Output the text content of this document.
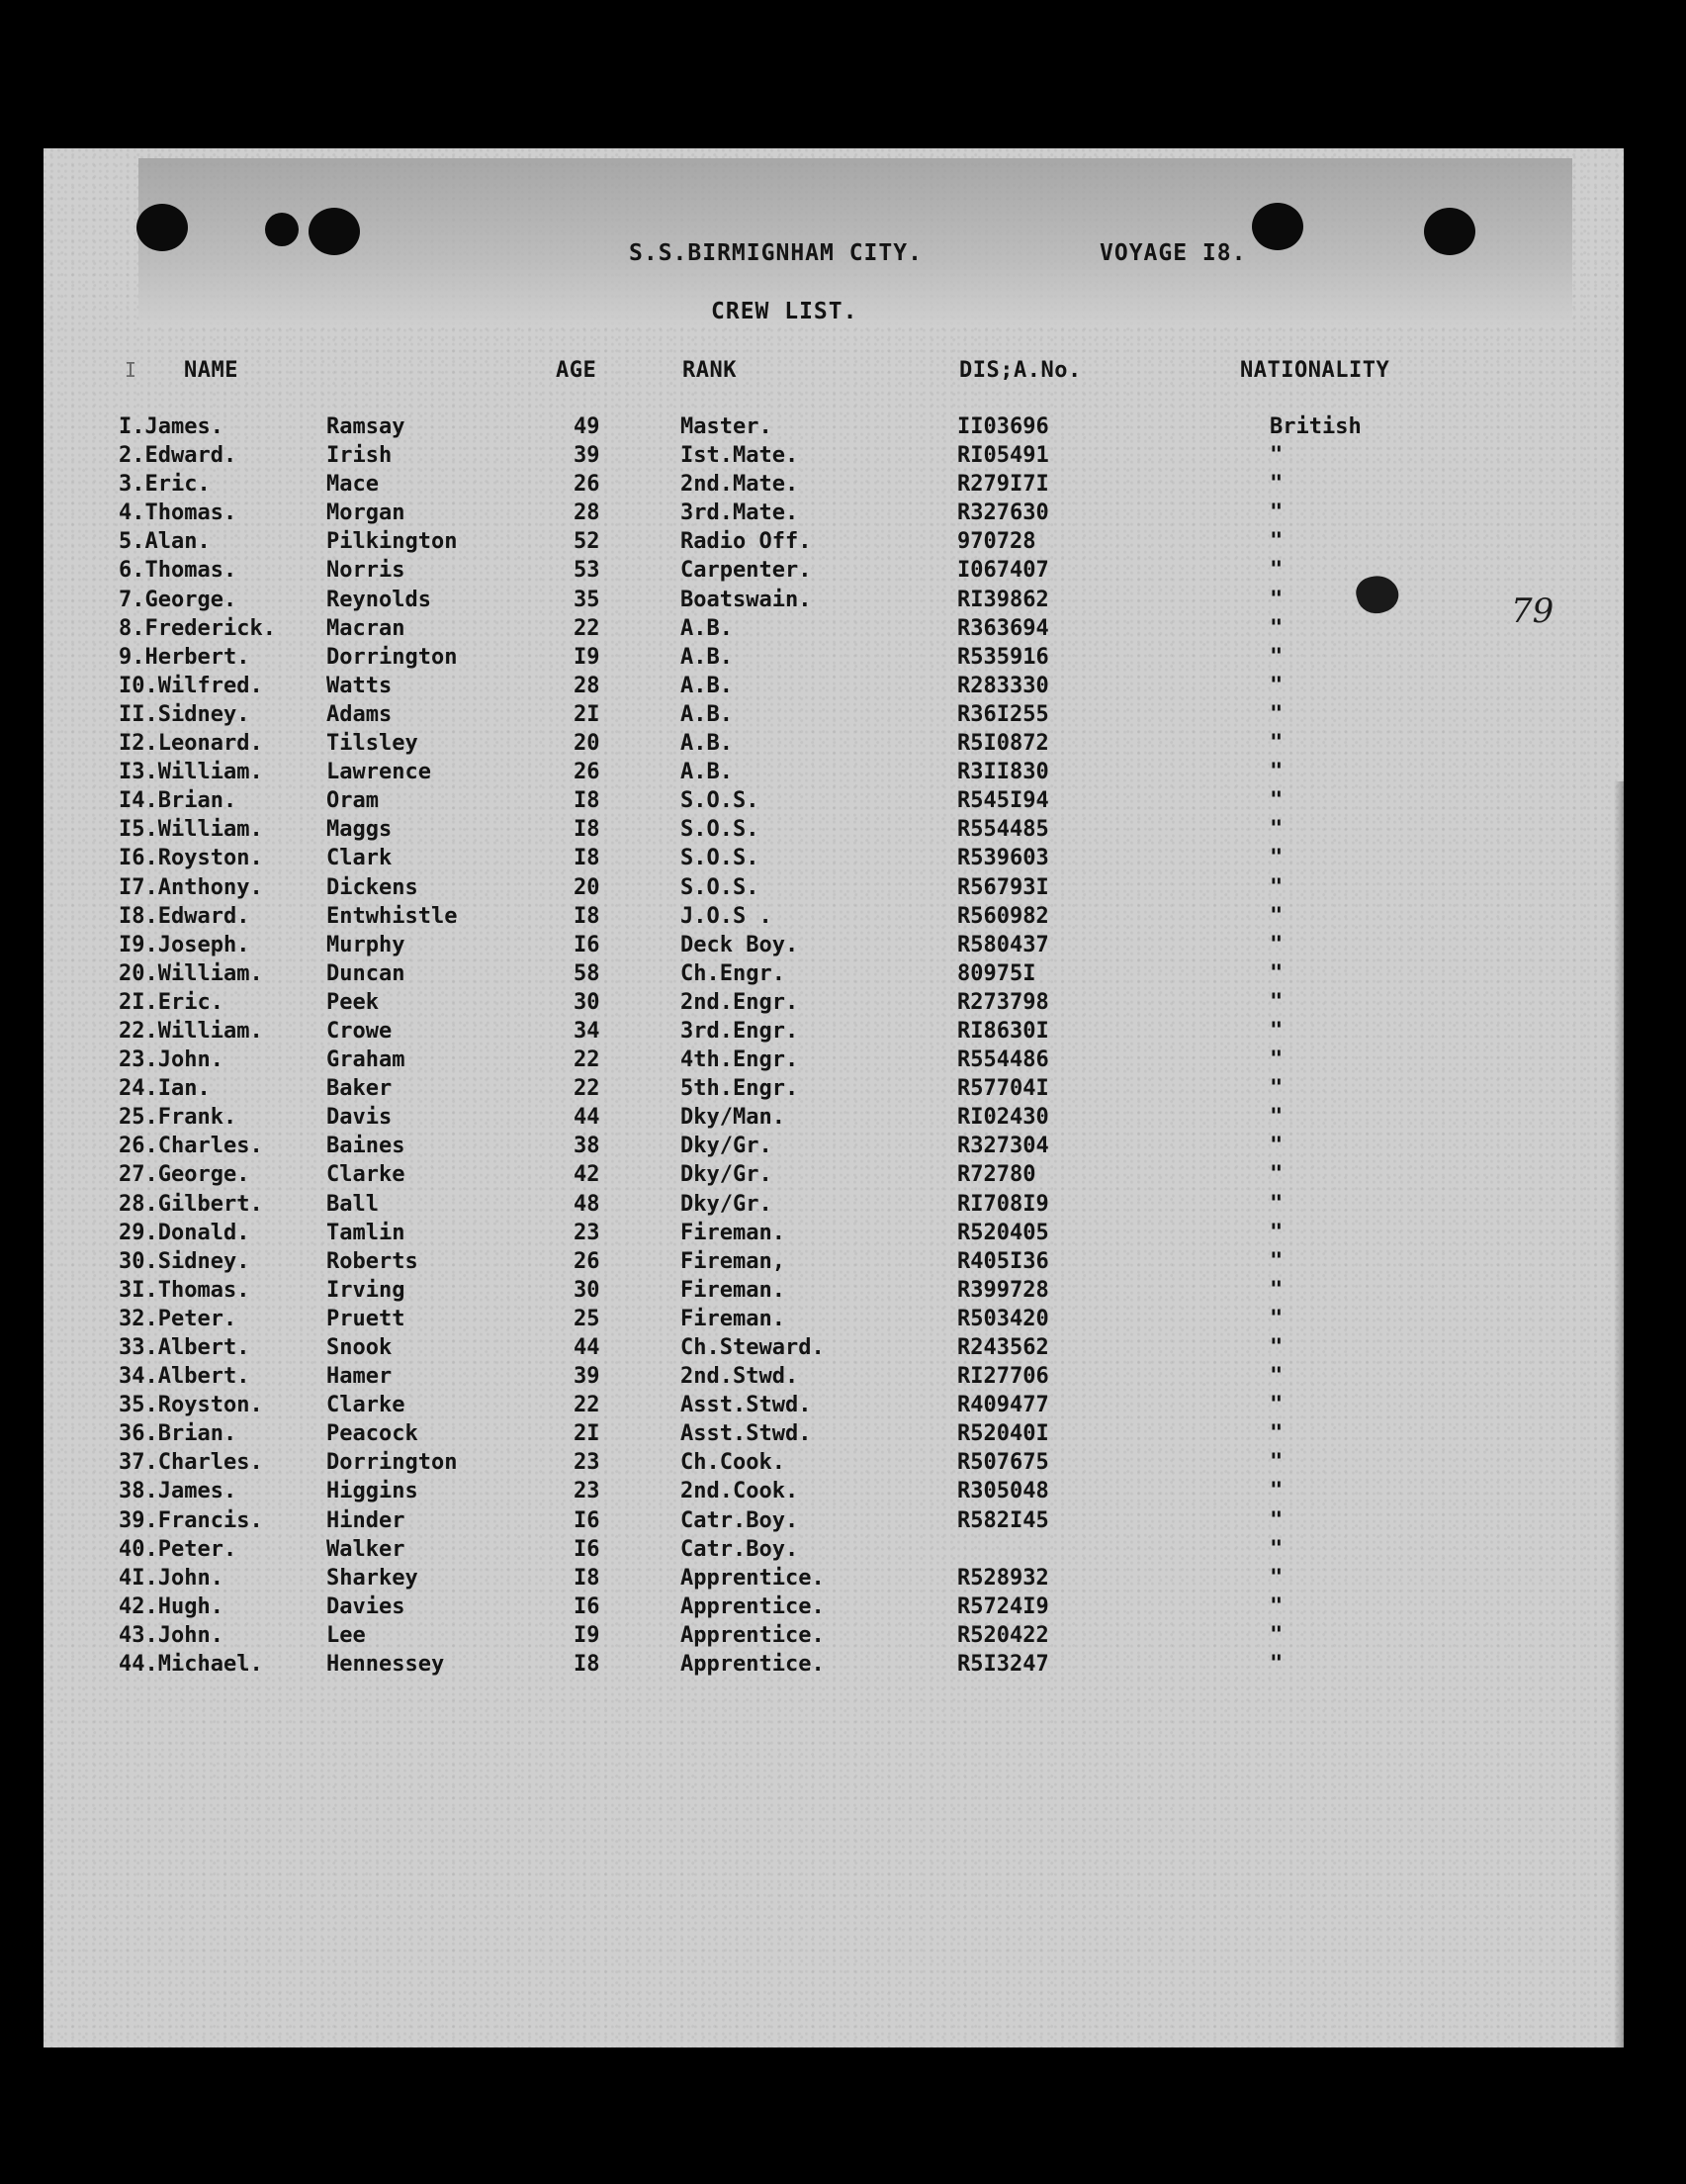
S.S.BIRMIGNHAM CITY.	VOYAGE I8.
CREW LIST.
I NAME	AGE	RANK	DIS;A.No.	NATIONALITY
79
I.James.	Ramsay	49	Master.	II03696	British
2.Edward.	Irish	39	Ist.Mate.	RI05491	"
3.Eric.	Mace	26	2nd.Mate.	R279I7I	"
4.Thomas.	Morgan	28	3rd.Mate.	R327630	"
5.Alan.	Pilkington	52	Radio Off.	970728	"
6.Thomas.	Norris	53	Carpenter.	I067407	"
7.George.	Reynolds	35	Boatswain.	RI39862	"
8.Frederick. Macran	22	A.B.	R363694	"
9.Herbert.	Dorrington	I9	A.B.	R535916	"
I0.Wilfred.	Watts	28	A.B.	R283330	"
II.Sidney.	Adams	2I	A.B.	R36I255	"
I2.Leonard.	Tilsley	20	A.B.	R5I0872	"
I3.William.	Lawrence	26	A.B.	R3II830	"
I4.Brian.	Oram	I8	S.O.S.	R545I94	"
I5.William.	Maggs	I8	S.O.S.	R554485	"
I6.Royston.	Clark	I8	S.O.S.	R539603	"
I7.Anthony.	Dickens	20	S.O.S.	R56793I	"
I8.Edward.	Entwhistle	I8	J.O.S .	R560982	"
I9.Joseph.	Murphy	I6	Deck Boy.	R580437	"
20.William.	Duncan	58	Ch.Engr.	80975I	"
2I.Eric.	Peek	30	2nd.Engr.	R273798	"
22.William.	Crowe	34	3rd.Engr.	RI8630I	"
23.John.	Graham	22	4th.Engr.	R554486	"
24.Ian.	Baker	22	5th.Engr.	R57704I	"
25.Frank.	Davis	44	Dky/Man.	RI02430	"
26.Charles.	Baines	38	Dky/Gr.	R327304	"
27.George.	Clarke	42	Dky/Gr.	R72780	"
28.Gilbert.	Ball	48	Dky/Gr.	RI708I9	"
29.Donald.	Tamlin	23	Fireman.	R520405	"
30.Sidney.	Roberts	26	Fireman,	R405I36	"
3I.Thomas.	Irving	30	Fireman.	R399728	"
32.Peter.	Pruett	25	Fireman.	R503420	"
33.Albert.	Snook	44	Ch.Steward.	R243562	"
34.Albert.	Hamer	39	2nd.Stwd.	RI27706	"
35.Royston.	Clarke	22	Asst.Stwd.	R409477	"
36.Brian.	Peacock	2I	Asst.Stwd.	R52040I	"
37.Charles.	Dorrington	23	Ch.Cook.	R507675	"
38.James.	Higgins	23	2nd.Cook.	R305048	"
39.Francis.	Hinder	I6	Catr.Boy.	R582I45	"
40.Peter.	Walker	I6	Catr.Boy.	"
4I.John.	Sharkey	I8	Apprentice.	R528932	"
42.Hugh.	Davies	I6	Apprentice.	R5724I9	"
43.John.	Lee	I9	Apprentice.	R520422	"
44.Michael.	Hennessey	I8	Apprentice.	R5I3247	"
